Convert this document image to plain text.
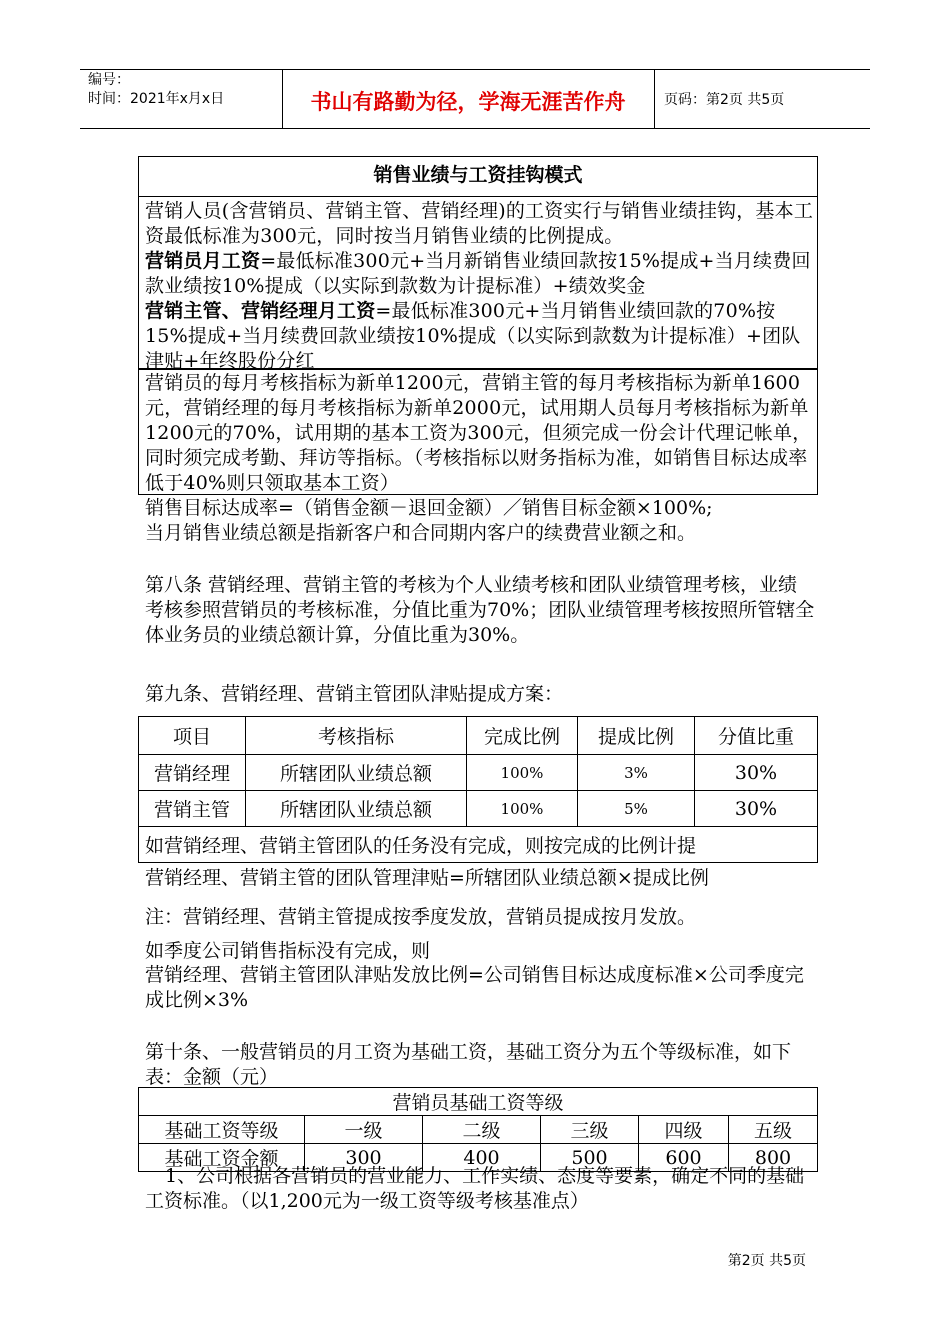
编号：
时间：2021年x月x日	书山有路勤为径，学海无涯苦作舟	页码：第2页 共5页
销售业绩与工资挂钩模式
营销人员(含营销员、营销主管、营销经理)的工资实行与销售业绩挂钩，基本工资最低标准为300元，同时按当月销售业绩的比例提成。
营销员月工资=最低标准300元+当月新销售业绩回款按15%提成+当月续费回款业绩按10%提成（以实际到款数为计提标准）+绩效奖金
营销主管、营销经理月工资=最低标准300元+当月销售业绩回款的70%按15%提成+当月续费回款业绩按10%提成（以实际到款数为计提标准）+团队津贴+年终股份分红
营销员的每月考核指标为新单1200元，营销主管的每月考核指标为新单1600元，营销经理的每月考核指标为新单2000元，试用期人员每月考核指标为新单1200元的70%，试用期的基本工资为300元，但须完成一份会计代理记帐单，同时须完成考勤、拜访等指标。（考核指标以财务指标为准，如销售目标达成率低于40%则只领取基本工资）
销售目标达成率=（销售金额－退回金额）／销售目标金额×100%;
当月销售业绩总额是指新客户和合同期内客户的续费营业额之和。
第八条 营销经理、营销主管的考核为个人业绩考核和团队业绩管理考核，业绩考核参照营销员的考核标准，分值比重为70%；团队业绩管理考核按照所管辖全体业务员的业绩总额计算，分值比重为30%。
第九条、营销经理、营销主管团队津贴提成方案：
项目	考核指标	完成比例	提成比例	分值比重
营销经理	所辖团队业绩总额	100%	3%	30%
营销主管	所辖团队业绩总额	100%	5%	30%
如营销经理、营销主管团队的任务没有完成，则按完成的比例计提				
营销经理、营销主管的团队管理津贴=所辖团队业绩总额×提成比例
注：营销经理、营销主管提成按季度发放，营销员提成按月发放。
如季度公司销售指标没有完成，则
营销经理、营销主管团队津贴发放比例=公司销售目标达成度标准×公司季度完成比例×3%
第十条、一般营销员的月工资为基础工资，基础工资分为五个等级标准，如下表：金额（元）
营销员基础工资等级					
基础工资等级	一级	二级	三级	四级	五级
基础工资金额	300	400	500	600	800
1、公司根据各营销员的营业能力、工作实绩、态度等要素，确定不同的基础工资标准。（以1,200元为一级工资等级考核基准点）
第2页 共5页
